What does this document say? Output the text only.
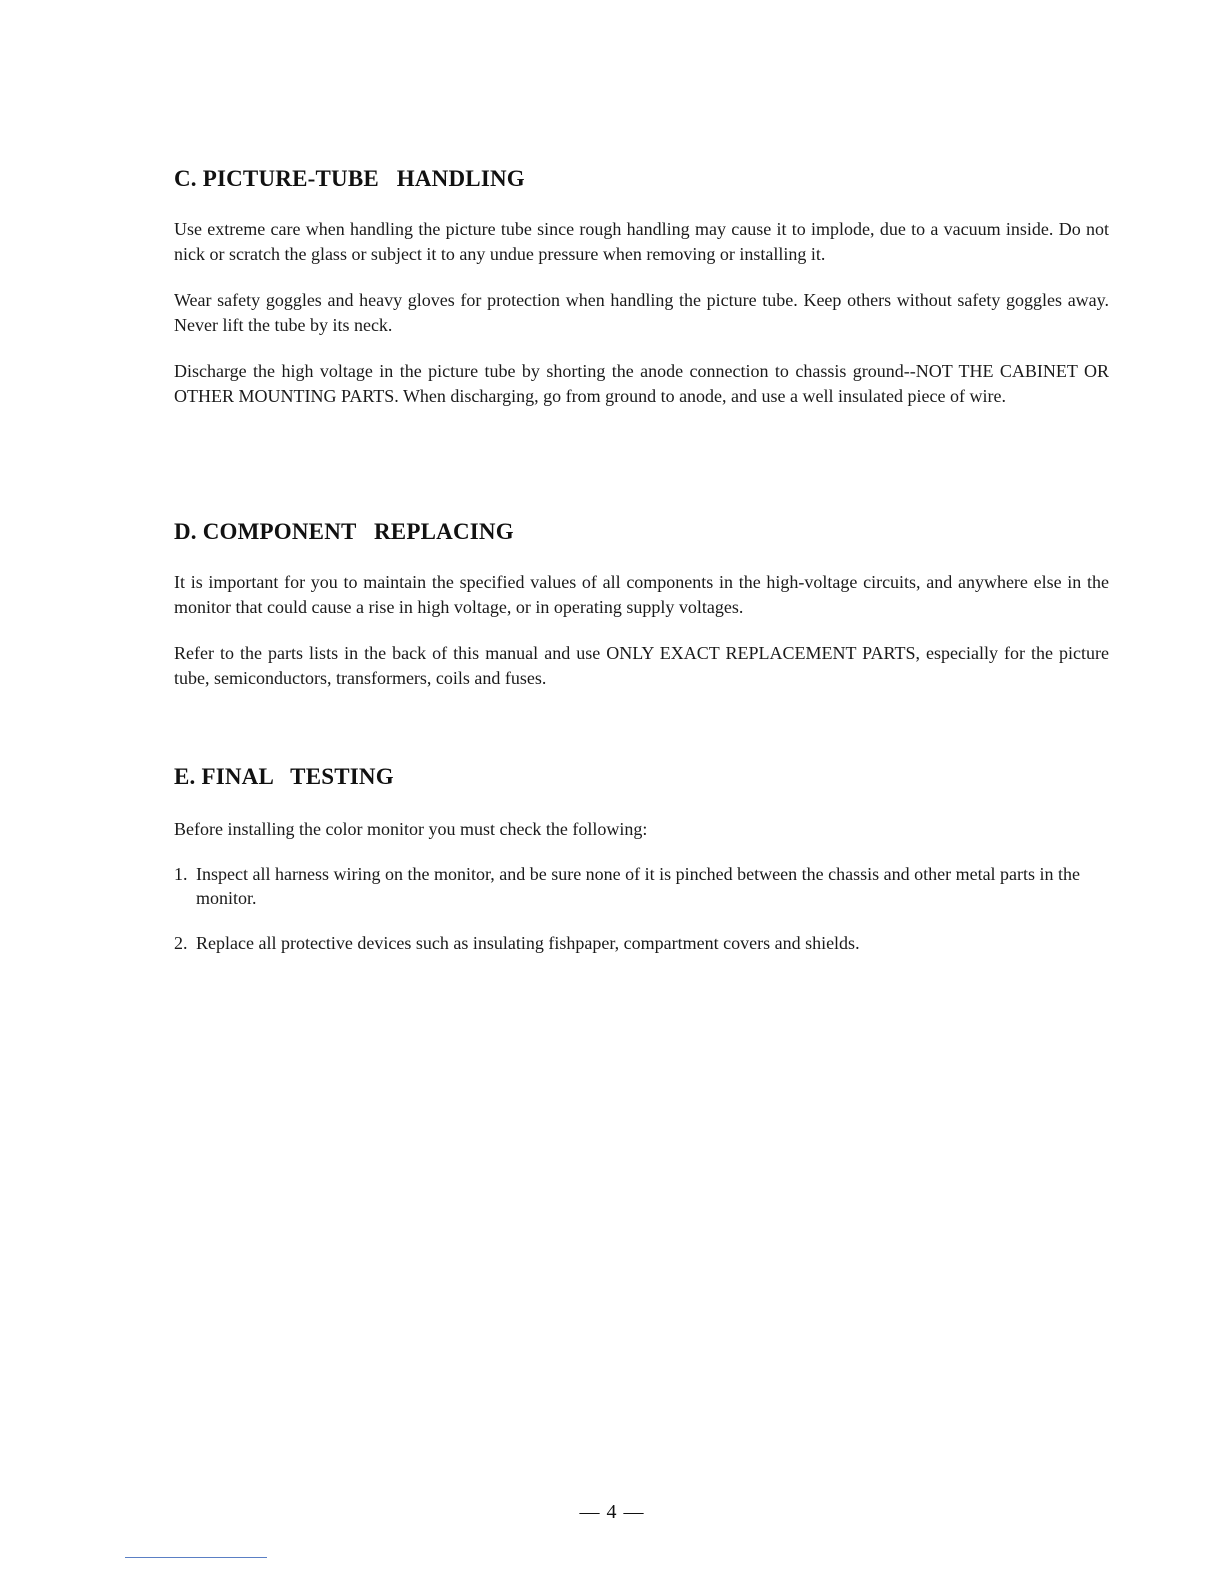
C. PICTURE-TUBE   HANDLING

Use extreme care when handling the picture tube since rough handling may cause it to implode, due to a vacuum inside. Do not nick or scratch the glass or subject it to any undue pressure when removing or installing it.

Wear safety goggles and heavy gloves for protection when handling the picture tube. Keep others without safety goggles away. Never lift the tube by its neck.

Discharge the high voltage in the picture tube by shorting the anode connection to chassis ground--NOT THE CABINET OR OTHER MOUNTING PARTS. When discharging, go from ground to anode, and use a well insulated piece of wire.

D. COMPONENT   REPLACING

It is important for you to maintain the specified values of all components in the high-voltage circuits, and anywhere else in the monitor that could cause a rise in high voltage, or in operating supply voltages.

Refer to the parts lists in the back of this manual and use ONLY EXACT REPLACEMENT PARTS, especially for the picture tube, semiconductors, transformers, coils and fuses.

E. FINAL   TESTING

Before installing the color monitor you must check the following:

1. Inspect all harness wiring on the monitor, and be sure none of it is pinched between the chassis and other metal parts in the monitor.
2. Replace all protective devices such as insulating fishpaper, compartment covers and shields.
— 4 —
